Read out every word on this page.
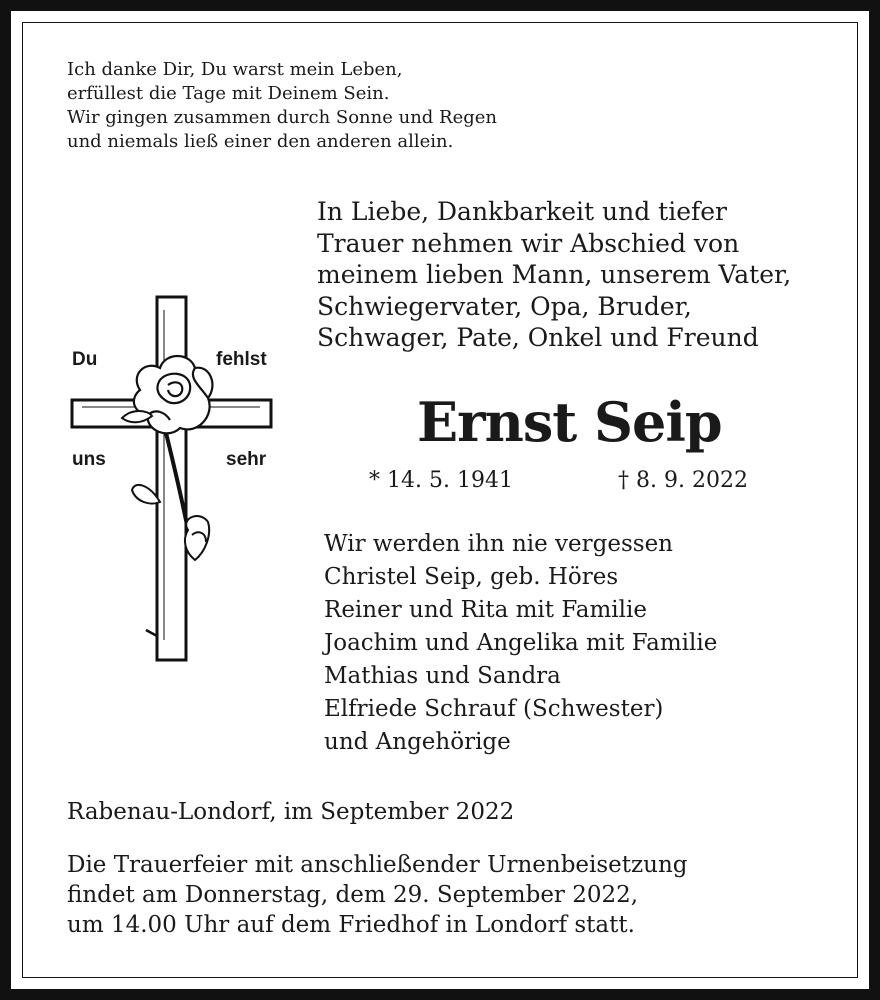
Ich danke Dir, Du warst mein Leben,
erfüllest die Tage mit Deinem Sein.
Wir gingen zusammen durch Sonne und Regen
und niemals ließ einer den anderen allein.
Du	fehlst
uns	sehr
In Liebe, Dankbarkeit und tiefer
Trauer nehmen wir Abschied von
meinem lieben Mann, unserem Vater,
Schwiegervater, Opa, Bruder,
Schwager, Pate, Onkel und Freund
Ernst Seip
* 14. 5. 1941	† 8. 9. 2022
Wir werden ihn nie vergessen
Christel Seip, geb. Höres
Reiner und Rita mit Familie
Joachim und Angelika mit Familie
Mathias und Sandra
Elfriede Schrauf (Schwester)
und Angehörige
Rabenau-Londorf, im September 2022
Die Trauerfeier mit anschließender Urnenbeisetzung
findet am Donnerstag, dem 29. September 2022,
um 14.00 Uhr auf dem Friedhof in Londorf statt.
